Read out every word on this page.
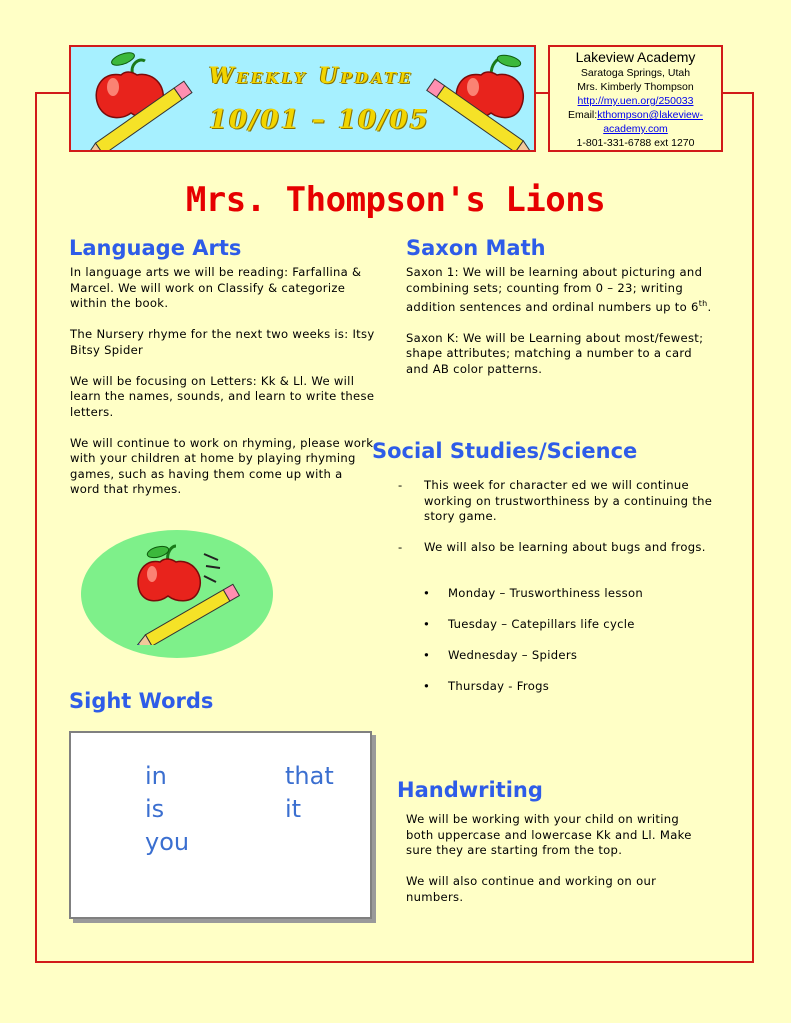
Weekly Update
10/01 – 10/05
Lakeview Academy
Saratoga Springs, Utah
Mrs. Kimberly Thompson
http://my.uen.org/250033
Email:kthompson@lakeview-
academy.com
1-801-331-6788 ext 1270
Mrs. Thompson's Lions
Language Arts

In language arts we will be reading: Farfallina & Marcel. We will work on Classify & categorize within the book.

The Nursery rhyme for the next two weeks is: Itsy Bitsy Spider

We will be focusing on Letters: Kk & Ll. We will learn the names, sounds, and learn to write these letters.

We will continue to work on rhyming, please work with your children at home by playing rhyming games, such as having them come up with a word that rhymes.

Saxon Math

Saxon 1: We will be learning about picturing and combining sets; counting from 0 – 23; writing addition sentences and ordinal numbers up to 6th.

Saxon K: We will be Learning about most/fewest; shape attributes; matching a number to a card and AB color patterns.

Social Studies/Science
- This week for character ed we will continue working on trustworthiness by a continuing the story game.
- We will also be learning about bugs and frogs.
• Monday – Trusworthiness lesson
• Tuesday – Catepillars life cycle
• Wednesday – Spiders
• Thursday - Frogs
Sight Words
in
is
you
that
it
Handwriting

We will be working with your child on writing both uppercase and lowercase Kk and Ll. Make sure they are starting from the top.

We will also continue and working on our numbers.
